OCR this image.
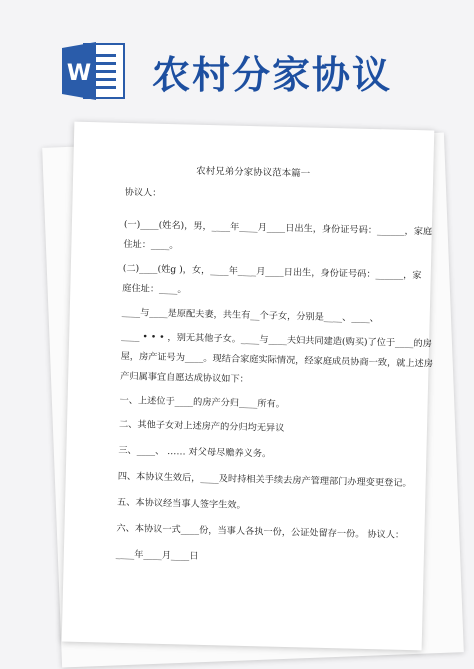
W 农村分家协议
农村兄弟分家协议范本篇一
协议人：
(一)____(姓名)，男，____年____月____日出生，身份证号码：______，家庭
住址：____。
(二)____(姓g )，女，____年____月____日出生，身份证号码：______，家
庭住址：____。
____与____是原配夫妻，共生有__个子女，分别是____、____、
____ • • • ，别无其他子女。____与____夫妇共同建造(购买)了位于____的房
屋，房产证号为____。现结合家庭实际情况，经家庭成员协商一致，就上述房
产归属事宜自愿达成协议如下：
一、上述位于____的房产分归____所有。
二、其他子女对上述房产的分归均无异议
三、____、 …… 对父母尽赡养义务。
四、本协议生效后，____及时持相关手续去房产管理部门办理变更登记。
五、本协议经当事人签字生效。
六、本协议一式____份，当事人各执一份，公证处留存一份。 协议人：
____年____月____日
